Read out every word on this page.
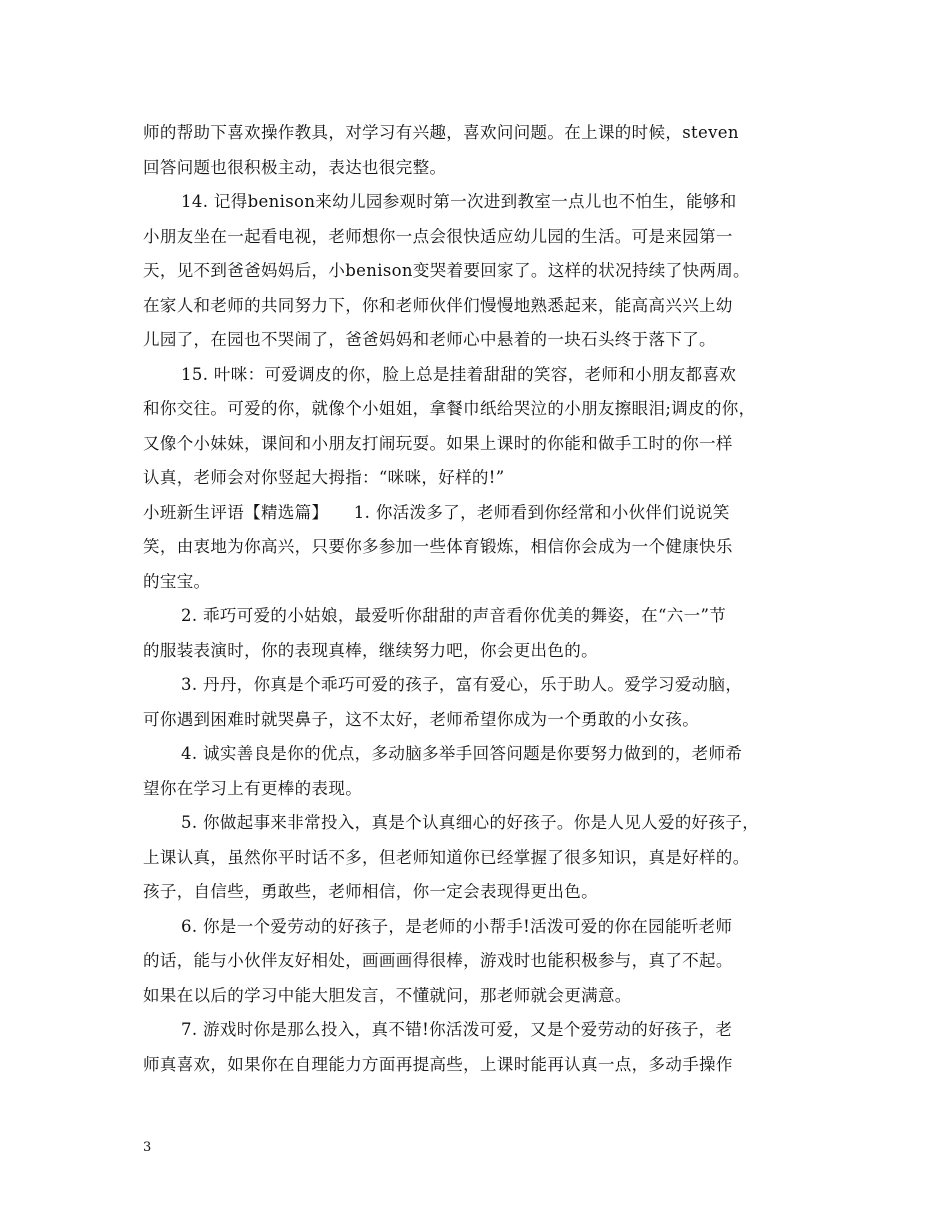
师的帮助下喜欢操作教具，对学习有兴趣，喜欢问问题。在上课的时候，steven
回答问题也很积极主动，表达也很完整。
14. 记得benison来幼儿园参观时第一次进到教室一点儿也不怕生，能够和
小朋友坐在一起看电视，老师想你一点会很快适应幼儿园的生活。可是来园第一
天，见不到爸爸妈妈后，小benison变哭着要回家了。这样的状况持续了快两周。
在家人和老师的共同努力下，你和老师伙伴们慢慢地熟悉起来，能高高兴兴上幼
儿园了，在园也不哭闹了，爸爸妈妈和老师心中悬着的一块石头终于落下了。
15. 叶咪：可爱调皮的你，脸上总是挂着甜甜的笑容，老师和小朋友都喜欢
和你交往。可爱的你，就像个小姐姐，拿餐巾纸给哭泣的小朋友擦眼泪;调皮的你，
又像个小妹妹，课间和小朋友打闹玩耍。如果上课时的你能和做手工时的你一样
认真，老师会对你竖起大拇指：“咪咪，好样的!”
小班新生评语【精选篇】　　1. 你活泼多了，老师看到你经常和小伙伴们说说笑
笑，由衷地为你高兴，只要你多参加一些体育锻炼，相信你会成为一个健康快乐
的宝宝。
2. 乖巧可爱的小姑娘，最爱听你甜甜的声音看你优美的舞姿，在“六一”节
的服装表演时，你的表现真棒，继续努力吧，你会更出色的。
3. 丹丹，你真是个乖巧可爱的孩子，富有爱心，乐于助人。爱学习爱动脑，
可你遇到困难时就哭鼻子，这不太好，老师希望你成为一个勇敢的小女孩。
4. 诚实善良是你的优点，多动脑多举手回答问题是你要努力做到的，老师希
望你在学习上有更棒的表现。
5. 你做起事来非常投入，真是个认真细心的好孩子。你是人见人爱的好孩子，
上课认真，虽然你平时话不多，但老师知道你已经掌握了很多知识，真是好样的。
孩子，自信些，勇敢些，老师相信，你一定会表现得更出色。
6. 你是一个爱劳动的好孩子，是老师的小帮手!活泼可爱的你在园能听老师
的话，能与小伙伴友好相处，画画画得很棒，游戏时也能积极参与，真了不起。
如果在以后的学习中能大胆发言，不懂就问，那老师就会更满意。
7. 游戏时你是那么投入，真不错!你活泼可爱，又是个爱劳动的好孩子，老
师真喜欢，如果你在自理能力方面再提高些，上课时能再认真一点，多动手操作
3
